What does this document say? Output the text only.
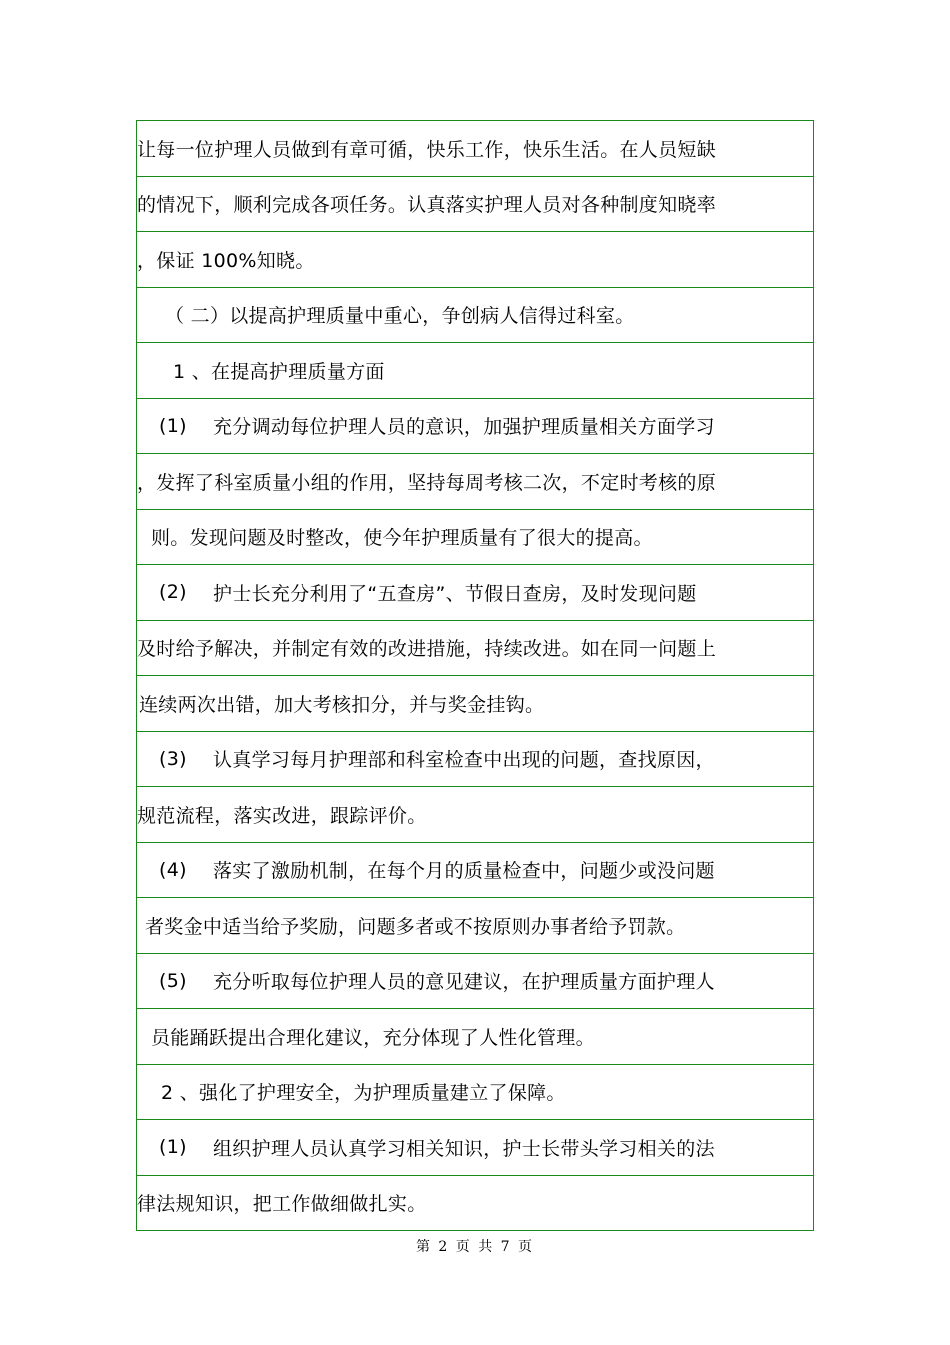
让每一位护理人员做到有章可循，快乐工作，快乐生活。在人员短缺
的情况下，顺利完成各项任务。认真落实护理人员对各种制度知晓率
，保证 100%知晓。
（ 二）以提高护理质量中重心，争创病人信得过科室。
1 、在提高护理质量方面
(1)	充分调动每位护理人员的意识，加强护理质量相关方面学习
，发挥了科室质量小组的作用，坚持每周考核二次，不定时考核的原
则。发现问题及时整改，使今年护理质量有了很大的提高。
(2)	护士长充分利用了“五查房”、节假日查房，及时发现问题
及时给予解决，并制定有效的改进措施，持续改进。如在同一问题上
连续两次出错，加大考核扣分，并与奖金挂钩。
(3)	认真学习每月护理部和科室检查中出现的问题，查找原因，
规范流程，落实改进，跟踪评价。
(4)	落实了激励机制，在每个月的质量检查中，问题少或没问题
者奖金中适当给予奖励，问题多者或不按原则办事者给予罚款。
(5)	充分听取每位护理人员的意见建议，在护理质量方面护理人
员能踊跃提出合理化建议，充分体现了人性化管理。
2 、强化了护理安全，为护理质量建立了保障。
(1)	组织护理人员认真学习相关知识，护士长带头学习相关的法
律法规知识，把工作做细做扎实。
第 2 页 共 7 页
